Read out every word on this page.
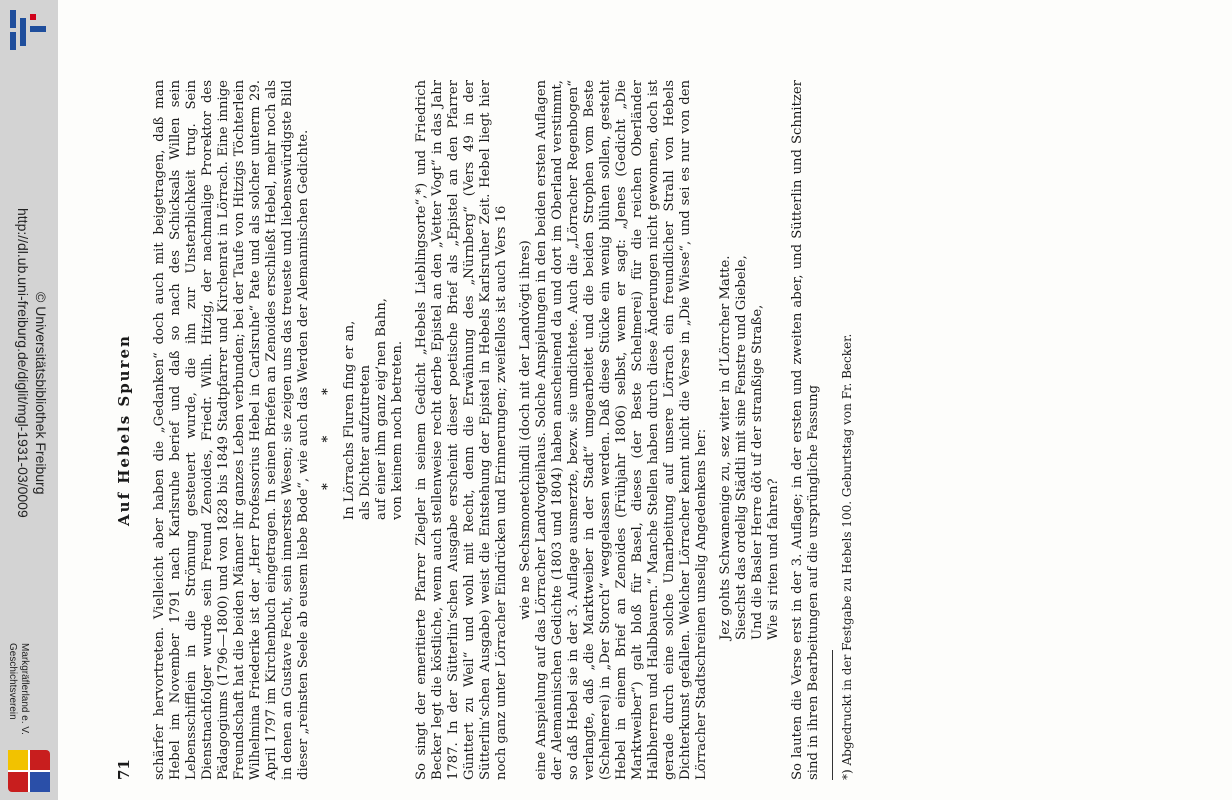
http://dl.ub.uni-freiburg.de/diglit/mgl-1931-03/0009 © Universitätsbibliothek Freiburg
Geschichtsverein Markgräflerland e. V.
Auf Hebels Spuren
71 schärfer hervortreten. Vielleicht aber haben die „Gedanken“ doch auch mit beigetragen, daß man Hebel im November 1791 nach Karlsruhe berief und daß so nach des Schicksals Willen sein Lebensschifflein in die Strömung gesteuert wurde, die ihn zur Unsterblichkeit trug. Sein Dienstnachfolger wurde sein Freund Zenoides, Friedr. Wilh. Hitzig, der nachmalige Prorektor des Pädagogiums (1796—1800) und von 1828 bis 1849 Stadtpfarrer und Kirchenrat in Lörrach. Eine innige Freundschaft hat die beiden Männer ihr ganzes Leben verbunden; bei der Taufe von Hitzigs Töchterlein Wilhelmina Friederike ist der „Herr Professorius Hebel in Carlsruhe“ Pate und als solcher unterm 29. April 1797 im Kirchenbuch eingetragen. In seinen Briefen an Zenoides erschließt Hebel, mehr noch als in denen an Gustave Fecht, sein innerstes Wesen; sie zeigen uns das treueste und liebenswürdigste Bild dieser „reinsten Seele ab eusem liebe Bode“, wie auch das Werden der Alemannischen Gedichte. * * * In Lörrachs Fluren fing er an, als Dichter aufzutreten auf einer ihm ganz eig’nen Bahn, von keinem noch betreten. So singt der emeritierte Pfarrer Ziegler in seinem Gedicht „Hebels Lieblingsorte“,*) und Friedrich Becker legt die köstliche, wenn auch stellenweise recht derbe Epistel an den „Vetter Vogt“ in das Jahr 1787. In der Sütterlin’schen Ausgabe erscheint dieser poetische Brief als „Epistel an den Pfarrer Günttert zu Weil“ und wohl mit Recht, denn die Erwähnung des „Nürnberg“ (Vers 49 in der Sütterlin’schen Ausgabe) weist die Entstehung der Epistel in Hebels Karlsruher Zeit. Hebel liegt hier noch ganz unter Lörracher Eindrücken und Erinnerungen; zweifellos ist auch Vers 16 wie ne Sechsmonetchindli (doch nit der Landvögti ihres) eine Anspielung auf das Lörracher Landvogteihaus. Solche Anspielungen in den beiden ersten Auflagen der Alemannischen Gedichte (1803 und 1804) haben anscheinend da und dort im Oberland verstimmt, so daß Hebel sie in der 3. Auflage ausmerzte, bezw. sie umdichtete. Auch die „Lörracher Regenbogen“ verlangte, daß „die Marktweiber in der Stadt“ umgearbeitet und die beiden Strophen vom Beste (Schelmerei) in „Der Storch“ weggelassen werden. Daß diese Stücke ein wenig blühen sollen, gesteht Hebel in einem Brief an Zenoides (Frühjahr 1806) selbst, wenn er sagt: „Jenes (Gedicht „Die Marktweiber“) galt bloß für Basel, dieses (der Beste Schelmerei) für die reichen Oberländer Halbherren und Halbbauern.“ Manche Stellen haben durch diese Änderungen nicht gewonnen, doch ist gerade durch eine solche Umarbeitung auf unsere Lörrach ein freundlicher Strahl von Hebels Dichterkunst gefallen. Welcher Lörracher kennt nicht die Verse in „Die Wiese“, und sei es nur von den Lörracher Stadtschreinen unselig Angedenkens her: Jez gohts Schwanenige zu, sez witer in d’Lörrcher Matte. Sieschst das ordelig Städtli mit sine Fenstre und Giebele, Und die Basler Herre döt uf der stranßige Straße, Wie si riten und fahren? So lauten die Verse erst in der 3. Auflage; in der ersten und zweiten aber, und Sütterlin und Schnitzer sind in ihren Bearbeitungen auf die ursprüngliche Fassung *) Abgedruckt in der Festgabe zu Hebels 100. Geburtstag von Fr. Becker.
